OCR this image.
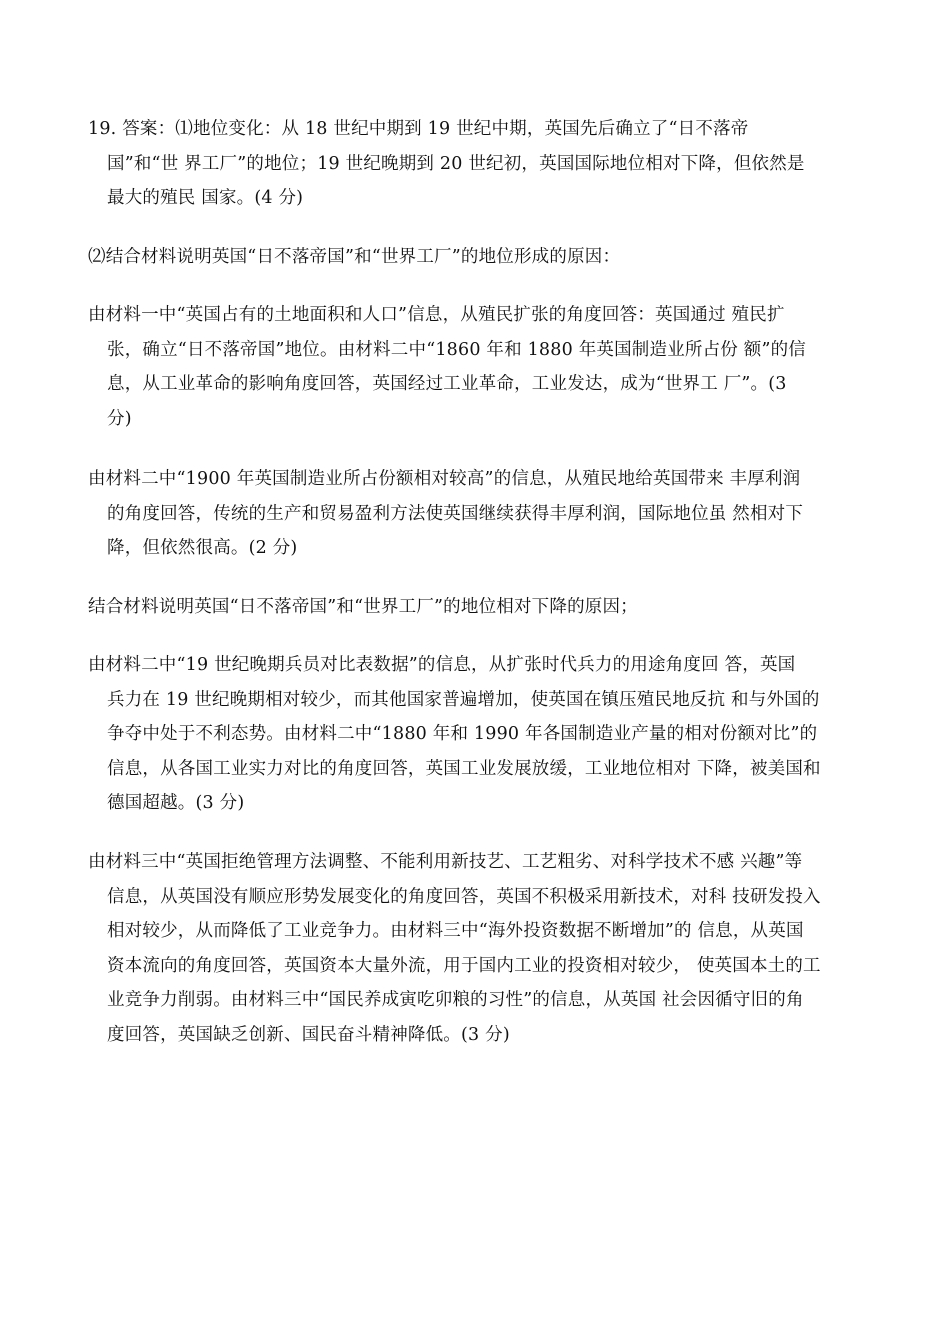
19. 答案：⑴地位变化：从 18 世纪中期到 19 世纪中期，英国先后确立了“日不落帝
国”和“世 界工厂”的地位；19 世纪晚期到 20 世纪初，英国国际地位相对下降，但依然是
最大的殖民 国家。(4 分)
⑵结合材料说明英国“日不落帝国”和“世界工厂”的地位形成的原因：
由材料一中“英国占有的土地面积和人口”信息，从殖民扩张的角度回答：英国通过 殖民扩
张，确立“日不落帝国”地位。由材料二中“1860 年和 1880 年英国制造业所占份 额”的信
息，从工业革命的影响角度回答，英国经过工业革命，工业发达，成为“世界工 厂”。(3
分)
由材料二中“1900 年英国制造业所占份额相对较高”的信息，从殖民地给英国带来 丰厚利润
的角度回答，传统的生产和贸易盈利方法使英国继续获得丰厚利润，国际地位虽 然相对下
降，但依然很高。(2 分)
结合材料说明英国“日不落帝国”和“世界工厂”的地位相对下降的原因；
由材料二中“19 世纪晚期兵员对比表数据”的信息，从扩张时代兵力的用途角度回 答，英国
兵力在 19 世纪晚期相对较少，而其他国家普遍增加，使英国在镇压殖民地反抗 和与外国的
争夺中处于不利态势。由材料二中“1880 年和 1990 年各国制造业产量的相对份额对比”的
信息，从各国工业实力对比的角度回答，英国工业发展放缓，工业地位相对 下降，被美国和
德国超越。(3 分)
由材料三中“英国拒绝管理方法调整、不能利用新技艺、工艺粗劣、对科学技术不感 兴趣”等
信息，从英国没有顺应形势发展变化的角度回答，英国不积极采用新技术，对科 技研发投入
相对较少，从而降低了工业竞争力。由材料三中“海外投资数据不断增加”的 信息，从英国
资本流向的角度回答，英国资本大量外流，用于国内工业的投资相对较少， 使英国本土的工
业竞争力削弱。由材料三中“国民养成寅吃卯粮的习性”的信息，从英国 社会因循守旧的角
度回答，英国缺乏创新、国民奋斗精神降低。(3 分)
